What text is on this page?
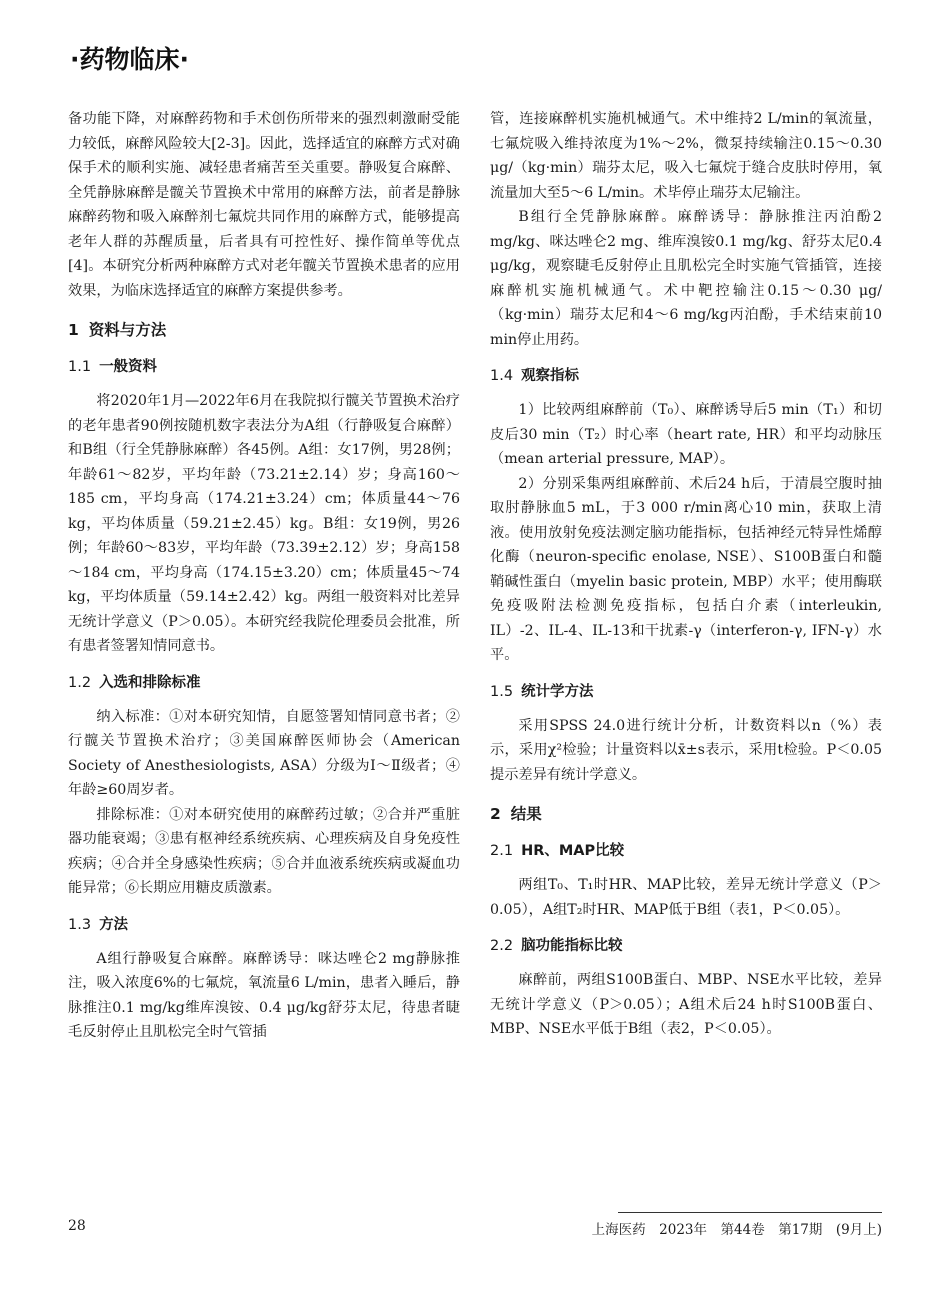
·药物临床·

备功能下降，对麻醉药物和手术创伤所带来的强烈刺激耐受能力较低，麻醉风险较大[2-3]。因此，选择适宜的麻醉方式对确保手术的顺利实施、减轻患者痛苦至关重要。静吸复合麻醉、全凭静脉麻醉是髋关节置换术中常用的麻醉方法，前者是静脉麻醉药物和吸入麻醉剂七氟烷共同作用的麻醉方式，能够提高老年人群的苏醒质量，后者具有可控性好、操作简单等优点[4]。本研究分析两种麻醉方式对老年髋关节置换术患者的应用效果，为临床选择适宜的麻醉方案提供参考。

1 资料与方法
1.1 一般资料

将2020年1月—2022年6月在我院拟行髋关节置换术治疗的老年患者90例按随机数字表法分为A组（行静吸复合麻醉）和B组（行全凭静脉麻醉）各45例。A组：女17例，男28例；年龄61～82岁，平均年龄（73.21±2.14）岁；身高160～185 cm，平均身高（174.21±3.24）cm；体质量44～76 kg，平均体质量（59.21±2.45）kg。B组：女19例，男26例；年龄60～83岁，平均年龄（73.39±2.12）岁；身高158～184 cm，平均身高（174.15±3.20）cm；体质量45～74 kg，平均体质量（59.14±2.42）kg。两组一般资料对比差异无统计学意义（P＞0.05）。本研究经我院伦理委员会批准，所有患者签署知情同意书。

1.2 入选和排除标准

纳入标准：①对本研究知情，自愿签署知情同意书者；②行髋关节置换术治疗；③美国麻醉医师协会（American Society of Anesthesiologists, ASA）分级为Ⅰ～Ⅱ级者；④年龄≥60周岁者。

排除标准：①对本研究使用的麻醉药过敏；②合并严重脏器功能衰竭；③患有枢神经系统疾病、心理疾病及自身免疫性疾病；④合并全身感染性疾病；⑤合并血液系统疾病或凝血功能异常；⑥长期应用糖皮质激素。

1.3 方法

A组行静吸复合麻醉。麻醉诱导：咪达唑仑2 mg静脉推注，吸入浓度6%的七氟烷，氧流量6 L/min，患者入睡后，静脉推注0.1 mg/kg维库溴铵、0.4 μg/kg舒芬太尼，待患者睫毛反射停止且肌松完全时气管插

管，连接麻醉机实施机械通气。术中维持2 L/min的氧流量，七氟烷吸入维持浓度为1%～2%，微泵持续输注0.15～0.30 μg/（kg·min）瑞芬太尼，吸入七氟烷于缝合皮肤时停用，氧流量加大至5～6 L/min。术毕停止瑞芬太尼输注。

B组行全凭静脉麻醉。麻醉诱导：静脉推注丙泊酚2 mg/kg、咪达唑仑2 mg、维库溴铵0.1 mg/kg、舒芬太尼0.4 μg/kg，观察睫毛反射停止且肌松完全时实施气管插管，连接麻醉机实施机械通气。术中靶控输注0.15～0.30 μg/（kg·min）瑞芬太尼和4～6 mg/kg丙泊酚，手术结束前10 min停止用药。

1.4 观察指标

1）比较两组麻醉前（T₀）、麻醉诱导后5 min（T₁）和切皮后30 min（T₂）时心率（heart rate, HR）和平均动脉压（mean arterial pressure, MAP）。

2）分别采集两组麻醉前、术后24 h后，于清晨空腹时抽取肘静脉血5 mL，于3 000 r/min离心10 min，获取上清液。使用放射免疫法测定脑功能指标，包括神经元特异性烯醇化酶（neuron-specific enolase, NSE）、S100B蛋白和髓鞘碱性蛋白（myelin basic protein, MBP）水平；使用酶联免疫吸附法检测免疫指标，包括白介素（interleukin, IL）-2、IL-4、IL-13和干扰素-γ（interferon-γ, IFN-γ）水平。

1.5 统计学方法

采用SPSS 24.0进行统计分析，计数资料以n（%）表示，采用χ²检验；计量资料以x̄±s表示，采用t检验。P＜0.05提示差异有统计学意义。

2 结果
2.1 HR、MAP比较

两组T₀、T₁时HR、MAP比较，差异无统计学意义（P＞0.05），A组T₂时HR、MAP低于B组（表1，P＜0.05）。

2.2 脑功能指标比较

麻醉前，两组S100B蛋白、MBP、NSE水平比较，差异无统计学意义（P＞0.05）；A组术后24 h时S100B蛋白、MBP、NSE水平低于B组（表2，P＜0.05）。

28	上海医药　2023年　第44卷　第17期　(9月上)
